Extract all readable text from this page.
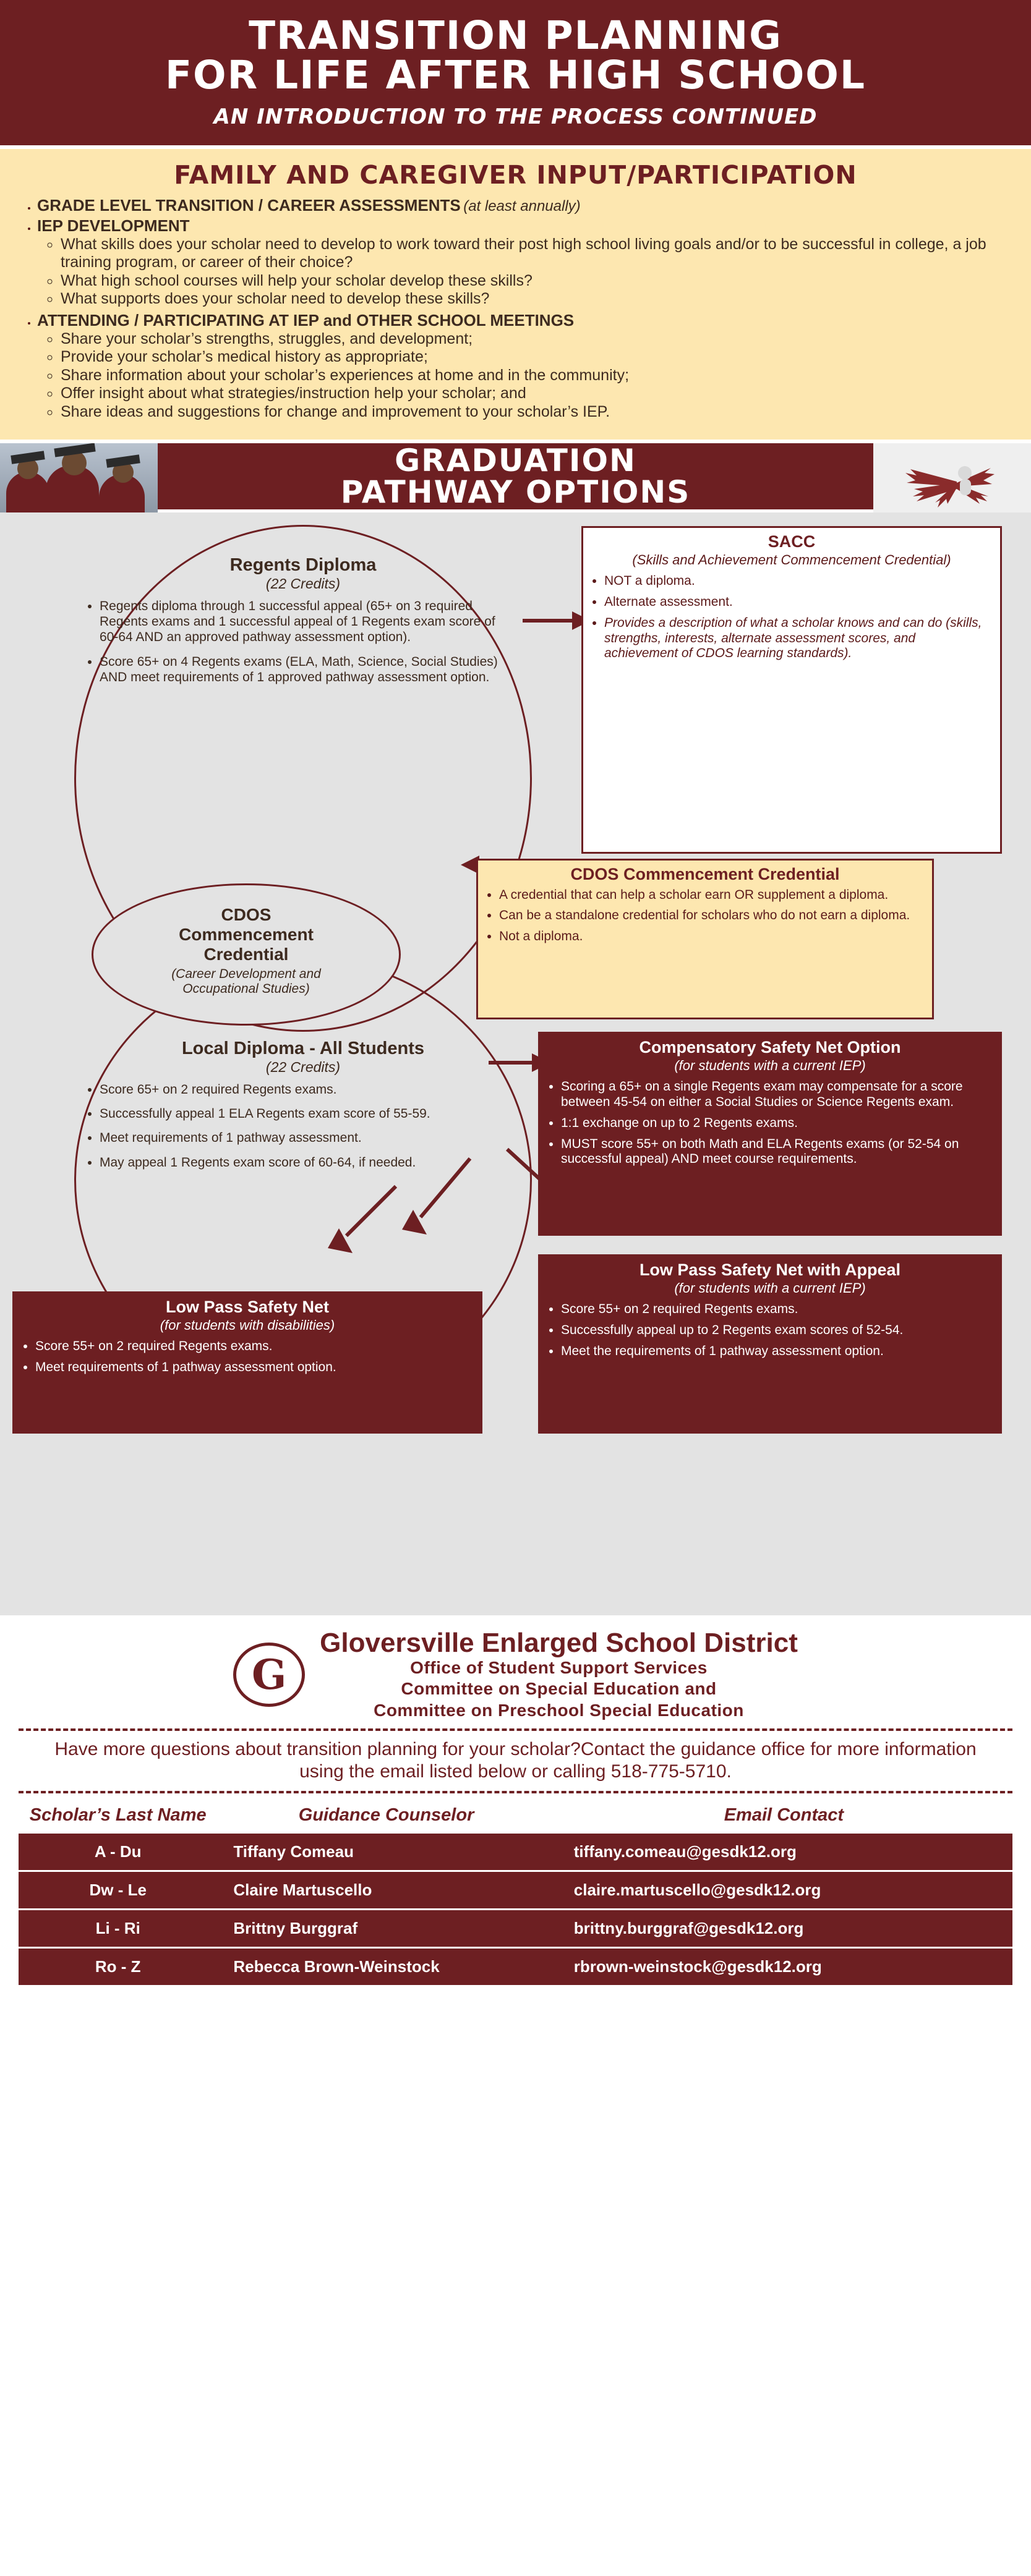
TRANSITION PLANNING
FOR LIFE AFTER HIGH SCHOOL
AN INTRODUCTION TO THE PROCESS CONTINUED
FAMILY AND CAREGIVER INPUT/PARTICIPATION
• GRADE LEVEL TRANSITION / CAREER ASSESSMENTS (at least annually)
• IEP DEVELOPMENT
◦ What skills does your scholar need to develop to work toward their post high school living goals and/or to be successful in college, a job training program, or career of their choice?
◦ What high school courses will help your scholar develop these skills?
◦ What supports does your scholar need to develop these skills?
• ATTENDING / PARTICIPATING AT IEP and OTHER SCHOOL MEETINGS
◦ Share your scholar’s strengths, struggles, and development;
◦ Provide your scholar’s medical history as appropriate;
◦ Share information about your scholar’s experiences at home and in the community;
◦ Offer insight about what strategies/instruction help your scholar; and
◦ Share ideas and suggestions for change and improvement to your scholar’s IEP.
GRADUATION
PATHWAY OPTIONS
Regents Diploma
(22 Credits)
• Regents diploma through 1 successful appeal (65+ on 3 required Regents exams and 1 successful appeal of 1 Regents exam score of 60-64 AND an approved pathway assessment option).
• Score 65+ on 4 Regents exams (ELA, Math, Science, Social Studies) AND meet requirements of 1 approved pathway assessment option.
Local Diploma - All Students
(22 Credits)
• Score 65+ on 2 required Regents exams.
• Successfully appeal 1 ELA Regents exam score of 55-59.
• Meet requirements of 1 pathway assessment.
• May appeal 1 Regents exam score of 60-64, if needed.
CDOS
Commencement
Credential
(Career Development and Occupational Studies)
SACC
(Skills and Achievement Commencement Credential)
• NOT a diploma.
• Alternate assessment.
• Provides a description of what a scholar knows and can do (skills, strengths, interests, alternate assessment scores, and achievement of CDOS learning standards).
CDOS Commencement Credential
• A credential that can help a scholar earn OR supplement a diploma.
• Can be a standalone credential for scholars who do not earn a diploma.
• Not a diploma.
Compensatory Safety Net Option
(for students with a current IEP)
• Scoring a 65+ on a single Regents exam may compensate for a score between 45-54 on either a Social Studies or Science Regents exam.
• 1:1 exchange on up to 2 Regents exams.
• MUST score 55+ on both Math and ELA Regents exams (or 52-54 on successful appeal) AND meet course requirements.
Low Pass Safety Net with Appeal
(for students with a current IEP)
• Score 55+ on 2 required Regents exams.
• Successfully appeal up to 2 Regents exam scores of 52-54.
• Meet the requirements of 1 pathway assessment option.
Low Pass Safety Net
(for students with disabilities)
• Score 55+ on 2 required Regents exams.
• Meet requirements of 1 pathway assessment option.
G
Gloversville Enlarged School District
Office of Student Support Services
Committee on Special Education and
Committee on Preschool Special Education
Have more questions about transition planning for your scholar?Contact the guidance office for more information using the email listed below or calling 518-775-5710.
Scholar’s Last Name	Guidance Counselor	Email Contact
A - Du	Tiffany Comeau	tiffany.comeau@gesdk12.org
Dw - Le	Claire Martuscello	claire.martuscello@gesdk12.org
Li - Ri	Brittny Burggraf	brittny.burggraf@gesdk12.org
Ro - Z	Rebecca Brown-Weinstock	rbrown-weinstock@gesdk12.org
